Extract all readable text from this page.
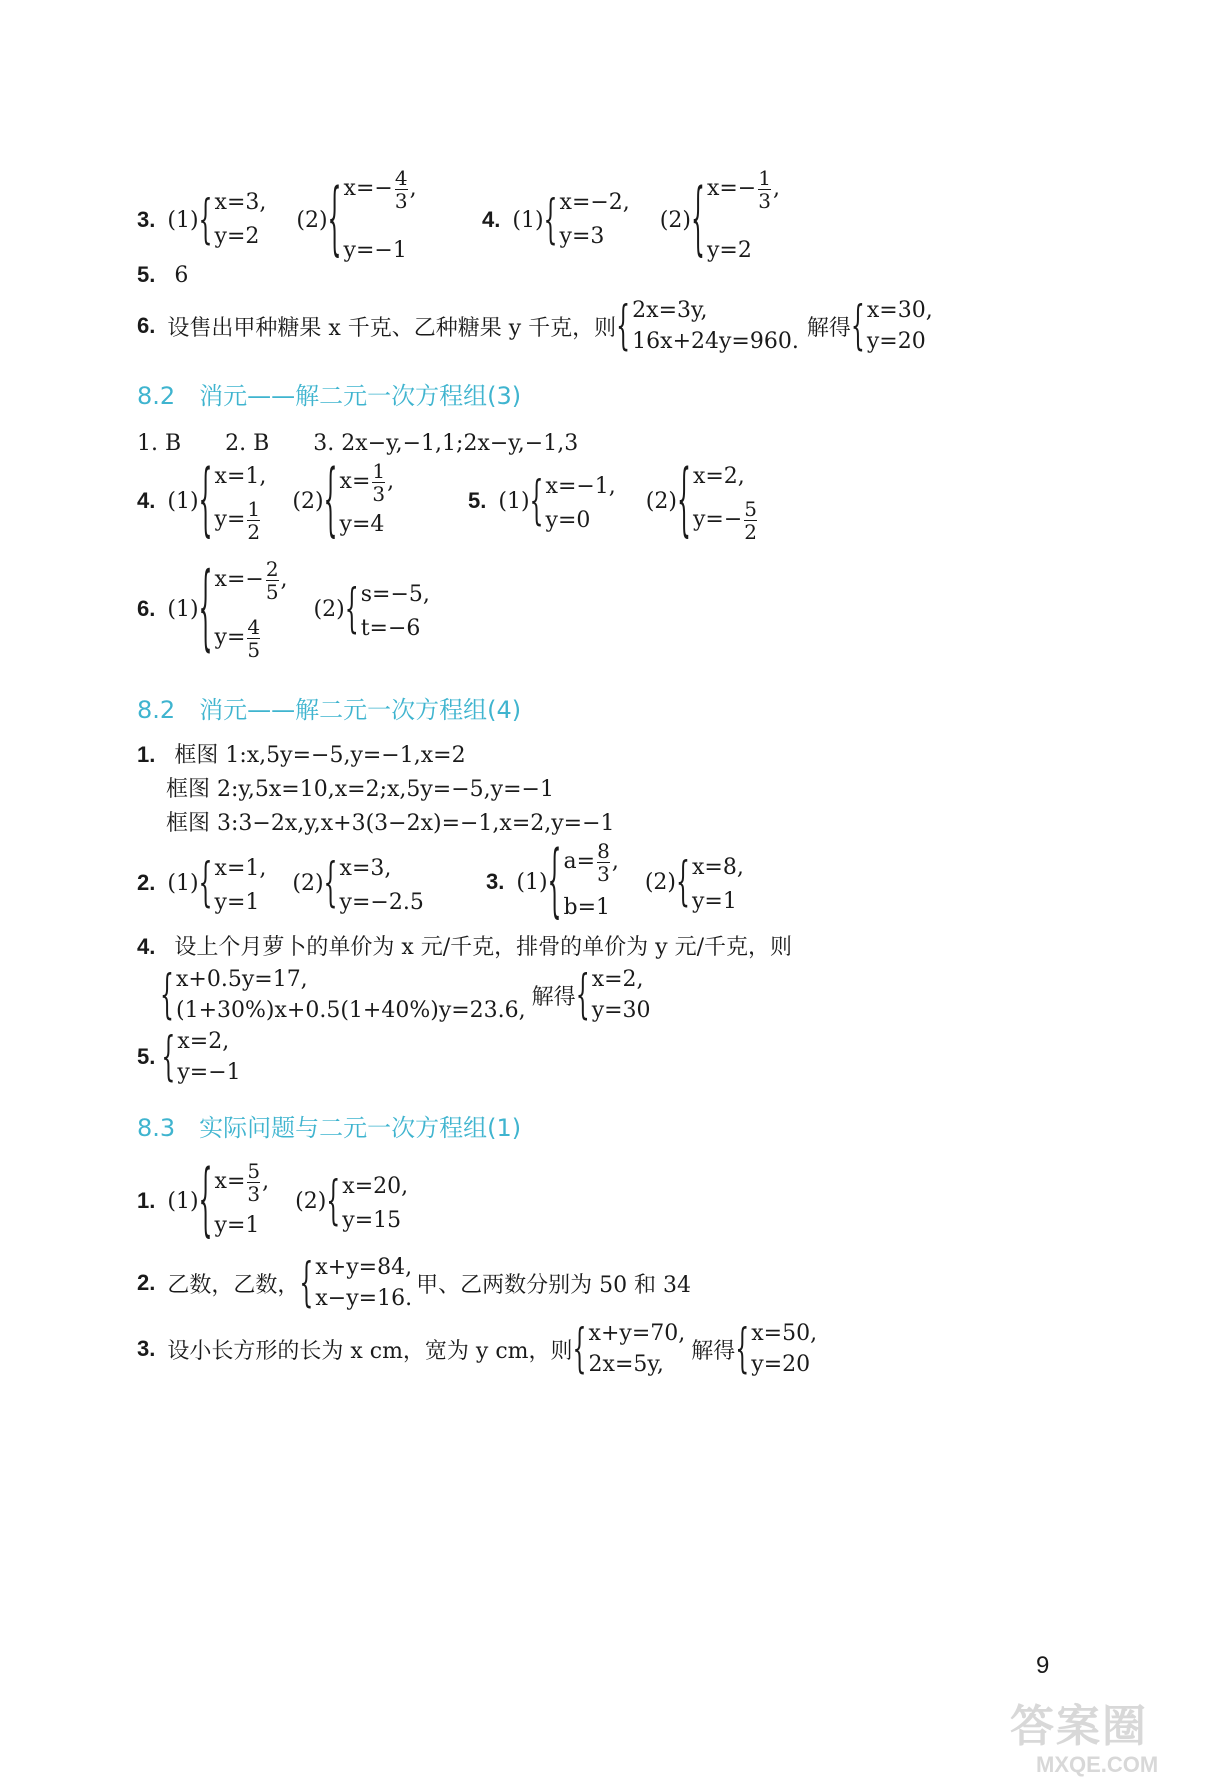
3. (1) { x=3,
y=2
(2) { $x=- \frac{4}{3}$ ,
y=−1
4. (1) { x=−2,
y=3
(2) { $x=- \frac{1}{3}$ ,
y=2
5. 6
6. 设售出甲种糖果 x 千克、乙种糖果 y 千克，则 { 2x=3y,
16x+24y=960.
解得 { x=30,
y=20
8.2　消元——解二元一次方程组(3)
1. B　　2. B　　3. 2x−y,−1,1;2x−y,−1,3
4. (1) { x=1,
$y= \frac{1}{2} (2)$ { $x= \frac{1}{3}$ ,
y=4
5. (1) { x=−1,
y=0
(2) { x=2,
$y=- \frac{5}{2}$
6. (1) { $x=- \frac{2}{5}$ ,
$y= \frac{4}{5}$
(2) { s=−5,
t=−6
8.2　消元——解二元一次方程组(4)
1. 框图 1:x,5y=−5,y=−1,x=2
框图 2:y,5x=10,x=2;x,5y=−5,y=−1
框图 3:3−2x,y,x+3(3−2x)=−1,x=2,y=−1
2. (1) { x=1,
y=1
(2) { x=3,
y=−2.5
3. (1) { $a= \frac{8}{3}$ ,
b=1
(2) { x=8,
y=1
4. 设上个月萝卜的单价为 x 元/千克，排骨的单价为 y 元/千克，则
{ x+0.5y=17,
(1+30%)x+0.5(1+40%)y=23.6,
解得 { x=2,
y=30
5. { x=2,
y=−1
8.3　实际问题与二元一次方程组(1)
1. (1) { $x= \frac{5}{3}$ ,
y=1
(2) { x=20,
y=15
2. 乙数，乙数， { x+y=84,
x−y=16.
甲、乙两数分别为 50 和 34
3. 设小长方形的长为 x cm，宽为 y cm，则 { x+y=70,
2x=5y,
解得 { x=50,
y=20
9
答案圈
MXQE.COM
